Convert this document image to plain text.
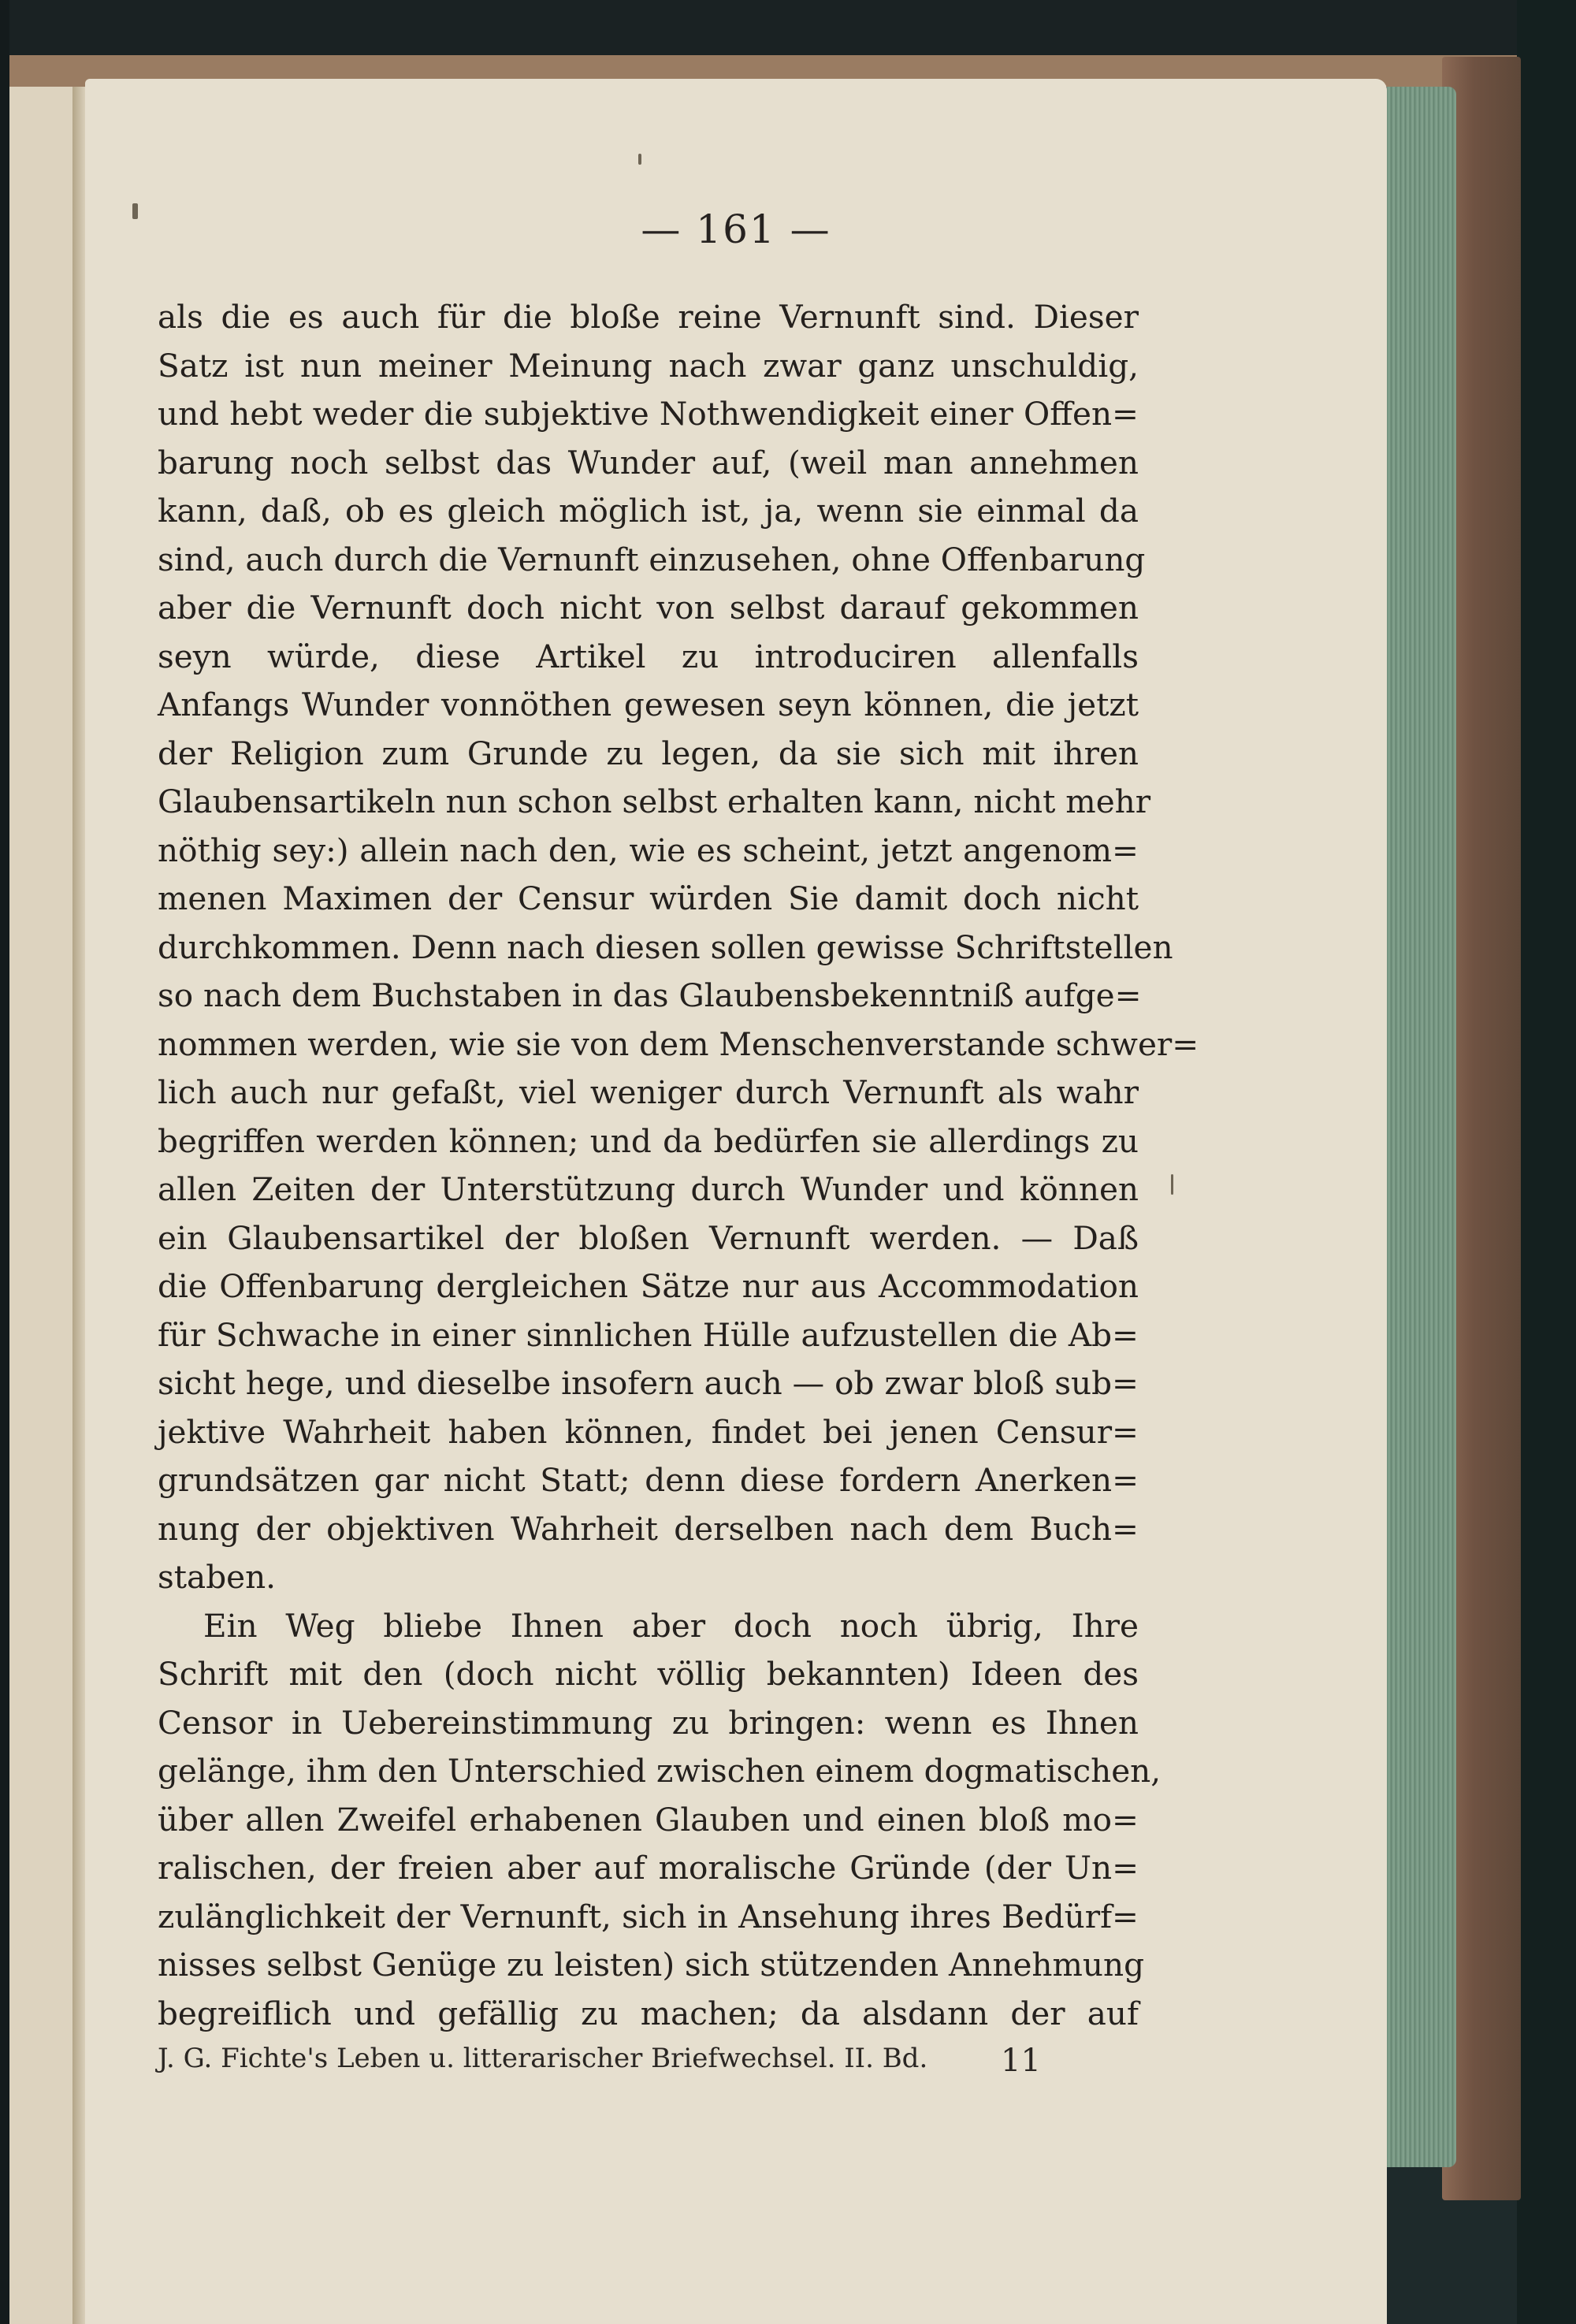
— 161 —
als die es auch für die bloße reine Vernunft sind. Dieser
Satz ist nun meiner Meinung nach zwar ganz unschuldig,
und hebt weder die subjektive Nothwendigkeit einer Offen=
barung noch selbst das Wunder auf, (weil man annehmen
kann, daß, ob es gleich möglich ist, ja, wenn sie einmal da
sind, auch durch die Vernunft einzusehen, ohne Offenbarung
aber die Vernunft doch nicht von selbst darauf gekommen
seyn würde, diese Artikel zu introduciren allenfalls
Anfangs Wunder vonnöthen gewesen seyn können, die jetzt
der Religion zum Grunde zu legen, da sie sich mit ihren
Glaubensartikeln nun schon selbst erhalten kann, nicht mehr
nöthig sey:) allein nach den, wie es scheint, jetzt angenom=
menen Maximen der Censur würden Sie damit doch nicht
durchkommen. Denn nach diesen sollen gewisse Schriftstellen
so nach dem Buchstaben in das Glaubensbekenntniß aufge=
nommen werden, wie sie von dem Menschenverstande schwer=
lich auch nur gefaßt, viel weniger durch Vernunft als wahr
begriffen werden können; und da bedürfen sie allerdings zu
allen Zeiten der Unterstützung durch Wunder und können
ein Glaubensartikel der bloßen Vernunft werden. — Daß
die Offenbarung dergleichen Sätze nur aus Accommodation
für Schwache in einer sinnlichen Hülle aufzustellen die Ab=
sicht hege, und dieselbe insofern auch — ob zwar bloß sub=
jektive Wahrheit haben können, findet bei jenen Censur=
grundsätzen gar nicht Statt; denn diese fordern Anerken=
nung der objektiven Wahrheit derselben nach dem Buch=
staben.
Ein Weg bliebe Ihnen aber doch noch übrig, Ihre
Schrift mit den (doch nicht völlig bekannten) Ideen des
Censor in Uebereinstimmung zu bringen: wenn es Ihnen
gelänge, ihm den Unterschied zwischen einem dogmatischen,
über allen Zweifel erhabenen Glauben und einen bloß mo=
ralischen, der freien aber auf moralische Gründe (der Un=
zulänglichkeit der Vernunft, sich in Ansehung ihres Bedürf=
nisses selbst Genüge zu leisten) sich stützenden Annehmung
begreiflich und gefällig zu machen; da alsdann der auf
J. G. Fichte's Leben u. litterarischer Briefwechsel. II. Bd. 11
